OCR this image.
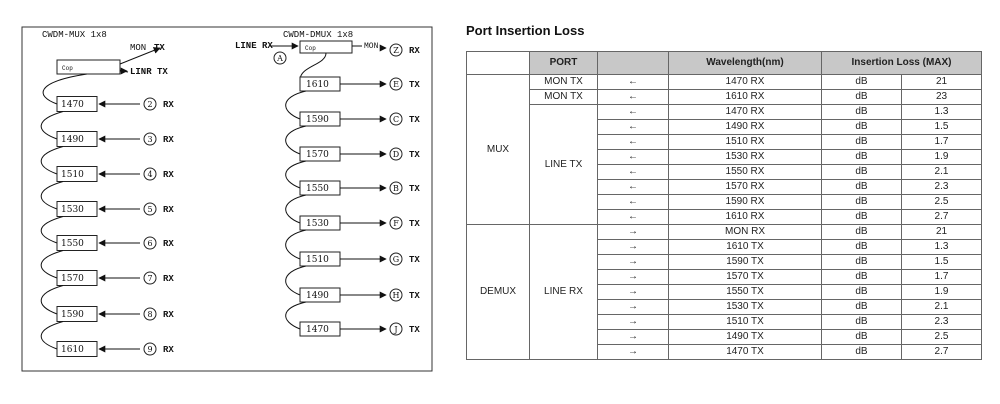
CWDM-MUX 1x8
Cop
MON TX
LINR TX
1470	2 RX
1490	3 RX
1510	4 RX
1530	5 RX
1550	6 RX
1570	7 RX
1590	8 RX
1610	9 RX
CWDM-DMUX 1x8
LINE RX
A
Cop	MON Z RX
1610	E TX
1590	C TX
1570	D TX
1550	B TX
1530	F TX
1510	G TX
1490	H TX
1470	J TX
Port Insertion Loss
	PORT		Wavelength(nm)	Insertion Loss (MAX)	
MUX	MON TX	←	1470 RX	dB	21
	MON TX	←	1610 RX	dB	23
	LINE TX	←	1470 RX	dB	1.3
		←	1490 RX	dB	1.5
		←	1510 RX	dB	1.7
		←	1530 RX	dB	1.9
		←	1550 RX	dB	2.1
		←	1570 RX	dB	2.3
		←	1590 RX	dB	2.5
		←	1610 RX	dB	2.7
DEMUX	LINE RX	→	MON RX	dB	21
		→	1610 TX	dB	1.3
		→	1590 TX	dB	1.5
		→	1570 TX	dB	1.7
		→	1550 TX	dB	1.9
		→	1530 TX	dB	2.1
		→	1510 TX	dB	2.3
		→	1490 TX	dB	2.5
		→	1470 TX	dB	2.7
